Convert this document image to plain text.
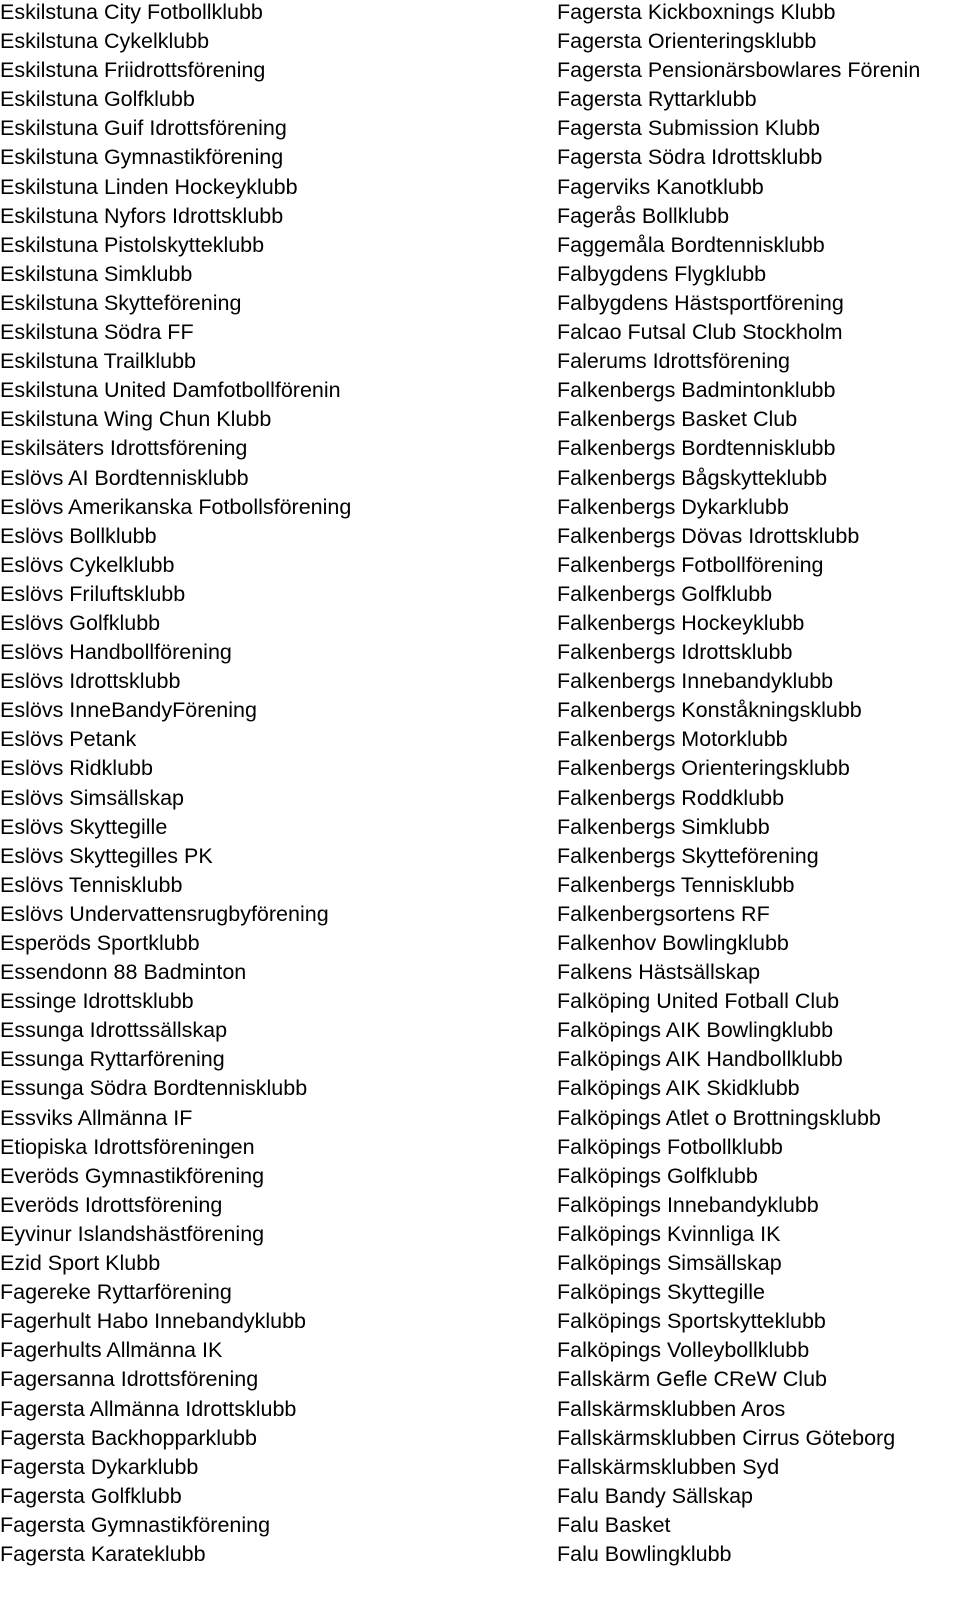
Eskilstuna City Fotbollklubb
Eskilstuna Cykelklubb
Eskilstuna Friidrottsförening
Eskilstuna Golfklubb
Eskilstuna Guif Idrottsförening
Eskilstuna Gymnastikförening
Eskilstuna Linden Hockeyklubb
Eskilstuna Nyfors Idrottsklubb
Eskilstuna Pistolskytteklubb
Eskilstuna Simklubb
Eskilstuna Skytteförening
Eskilstuna Södra FF
Eskilstuna Trailklubb
Eskilstuna United Damfotbollförenin
Eskilstuna Wing Chun Klubb
Eskilsäters Idrottsförening
Eslövs AI Bordtennisklubb
Eslövs Amerikanska Fotbollsförening
Eslövs Bollklubb
Eslövs Cykelklubb
Eslövs Friluftsklubb
Eslövs Golfklubb
Eslövs Handbollförening
Eslövs Idrottsklubb
Eslövs InneBandyFörening
Eslövs Petank
Eslövs Ridklubb
Eslövs Simsällskap
Eslövs Skyttegille
Eslövs Skyttegilles PK
Eslövs Tennisklubb
Eslövs Undervattensrugbyförening
Esperöds Sportklubb
Essendonn 88 Badminton
Essinge Idrottsklubb
Essunga Idrottssällskap
Essunga Ryttarförening
Essunga Södra Bordtennisklubb
Essviks Allmänna IF
Etiopiska Idrottsföreningen
Everöds Gymnastikförening
Everöds Idrottsförening
Eyvinur Islandshästförening
Ezid Sport Klubb
Fagereke Ryttarförening
Fagerhult Habo Innebandyklubb
Fagerhults Allmänna IK
Fagersanna Idrottsförening
Fagersta Allmänna Idrottsklubb
Fagersta Backhopparklubb
Fagersta Dykarklubb
Fagersta Golfklubb
Fagersta Gymnastikförening
Fagersta Karateklubb
Fagersta Kickboxnings Klubb
Fagersta Orienteringsklubb
Fagersta Pensionärsbowlares Förenin
Fagersta Ryttarklubb
Fagersta Submission Klubb
Fagersta Södra Idrottsklubb
Fagerviks Kanotklubb
Fagerås Bollklubb
Faggemåla Bordtennisklubb
Falbygdens Flygklubb
Falbygdens Hästsportförening
Falcao Futsal Club Stockholm
Falerums Idrottsförening
Falkenbergs Badmintonklubb
Falkenbergs Basket Club
Falkenbergs Bordtennisklubb
Falkenbergs Bågskytteklubb
Falkenbergs Dykarklubb
Falkenbergs Dövas Idrottsklubb
Falkenbergs Fotbollförening
Falkenbergs Golfklubb
Falkenbergs Hockeyklubb
Falkenbergs Idrottsklubb
Falkenbergs Innebandyklubb
Falkenbergs Konståkningsklubb
Falkenbergs Motorklubb
Falkenbergs Orienteringsklubb
Falkenbergs Roddklubb
Falkenbergs Simklubb
Falkenbergs Skytteförening
Falkenbergs Tennisklubb
Falkenbergsortens RF
Falkenhov Bowlingklubb
Falkens Hästsällskap
Falköping United Fotball Club
Falköpings AIK Bowlingklubb
Falköpings AIK Handbollklubb
Falköpings AIK Skidklubb
Falköpings Atlet o Brottningsklubb
Falköpings Fotbollklubb
Falköpings Golfklubb
Falköpings Innebandyklubb
Falköpings Kvinnliga IK
Falköpings Simsällskap
Falköpings Skyttegille
Falköpings Sportskytteklubb
Falköpings Volleybollklubb
Fallskärm Gefle CReW Club
Fallskärmsklubben Aros
Fallskärmsklubben Cirrus Göteborg
Fallskärmsklubben Syd
Falu Bandy Sällskap
Falu Basket
Falu Bowlingklubb
